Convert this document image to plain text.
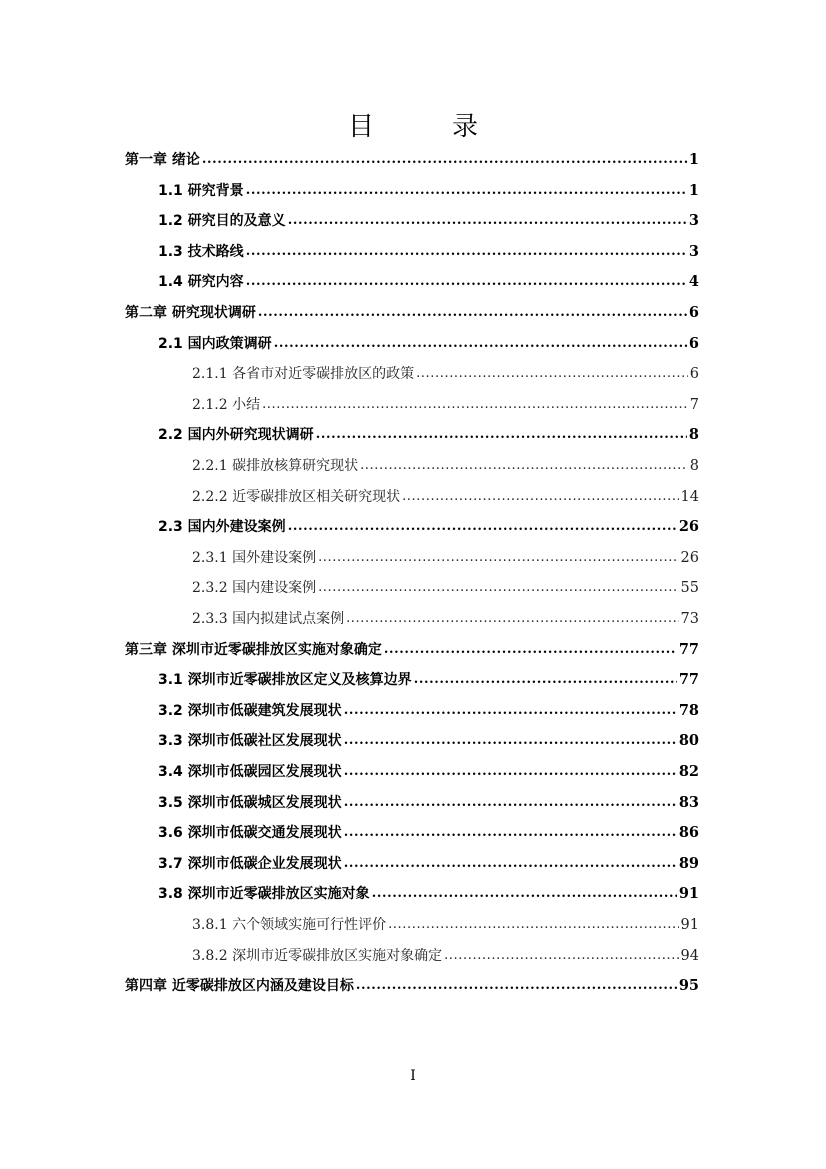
目　录
第一章 绪论 .....	1
1.1 研究背景 .....	1
1.2 研究目的及意义 .....	3
1.3 技术路线 .....	3
1.4 研究内容 .....	4
第二章 研究现状调研 .....	6
2.1 国内政策调研 .....	6
2.1.1 各省市对近零碳排放区的政策 .....	6
2.1.2 小结 .....	7
2.2 国内外研究现状调研 .....	8
2.2.1 碳排放核算研究现状 .....	8
2.2.2 近零碳排放区相关研究现状 .....	14
2.3 国内外建设案例 .....	26
2.3.1 国外建设案例 .....	26
2.3.2 国内建设案例 .....	55
2.3.3 国内拟建试点案例 .....	73
第三章 深圳市近零碳排放区实施对象确定 .....	77
3.1 深圳市近零碳排放区定义及核算边界 .....	77
3.2 深圳市低碳建筑发展现状 .....	78
3.3 深圳市低碳社区发展现状 .....	80
3.4 深圳市低碳园区发展现状 .....	82
3.5 深圳市低碳城区发展现状 .....	83
3.6 深圳市低碳交通发展现状 .....	86
3.7 深圳市低碳企业发展现状 .....	89
3.8 深圳市近零碳排放区实施对象 .....	91
3.8.1 六个领域实施可行性评价 .....	91
3.8.2 深圳市近零碳排放区实施对象确定 .....	94
第四章 近零碳排放区内涵及建设目标 .....	95
I
